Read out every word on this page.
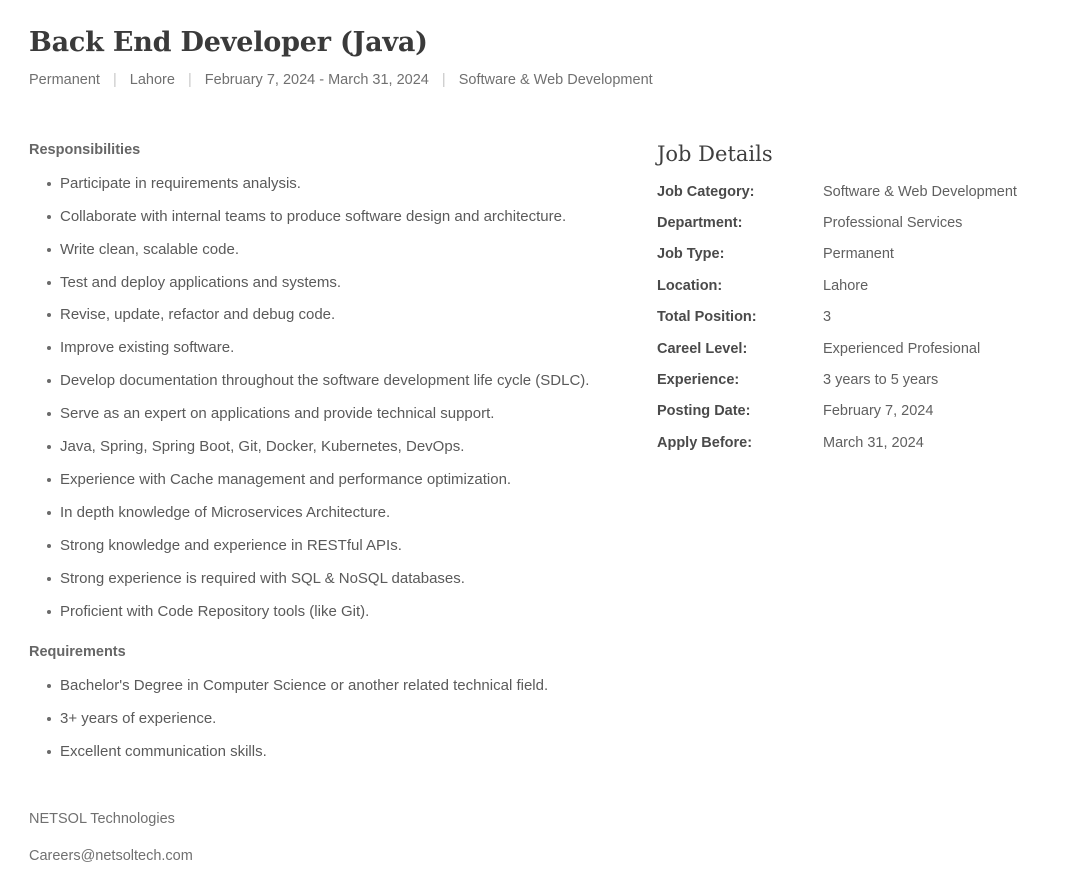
Back End Developer (Java)
Permanent | Lahore | February 7, 2024 - March 31, 2024 | Software & Web Development
Responsibilities
Participate in requirements analysis.
Collaborate with internal teams to produce software design and architecture.
Write clean, scalable code.
Test and deploy applications and systems.
Revise, update, refactor and debug code.
Improve existing software.
Develop documentation throughout the software development life cycle (SDLC).
Serve as an expert on applications and provide technical support.
Java, Spring, Spring Boot, Git, Docker, Kubernetes, DevOps.
Experience with Cache management and performance optimization.
In depth knowledge of Microservices Architecture.
Strong knowledge and experience in RESTful APIs.
Strong experience is required with SQL & NoSQL databases.
Proficient with Code Repository tools (like Git).
Requirements
Bachelor's Degree in Computer Science or another related technical field.
3+ years of experience.
Excellent communication skills.
Job Details
Job Category:	Software & Web Development
Department:	Professional Services
Job Type:	Permanent
Location:	Lahore
Total Position:	3
Careel Level:	Experienced Profesional
Experience:	3 years to 5 years
Posting Date:	February 7, 2024
Apply Before:	March 31, 2024
NETSOL Technologies
Careers@netsoltech.com
